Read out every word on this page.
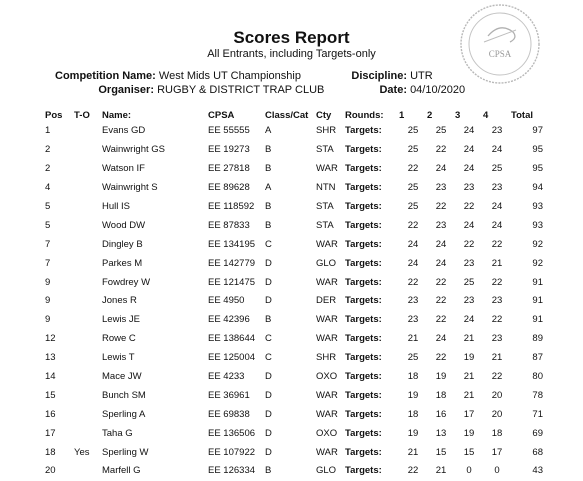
Scores Report
All Entrants, including Targets-only	CPSA
Competition Name: West Mids UT Championship
Organiser: RUGBY & DISTRICT TRAP CLUB
Discipline: UTR
Date: 04/10/2020
Pos	T-O	Name:	CPSA	Class/Cat	Cty	Rounds:	1	2	3	4	Total
1		Evans GD	EE 55555	A	SHR	Targets:	25	25	24	23	97
2		Wainwright GS	EE 19273	B	STA	Targets:	25	22	24	24	95
2		Watson IF	EE 27818	B	WAR	Targets:	22	24	24	25	95
4		Wainwright S	EE 89628	A	NTN	Targets:	25	23	23	23	94
5		Hull IS	EE 118592	B	STA	Targets:	25	22	22	24	93
5		Wood DW	EE 87833	B	STA	Targets:	22	23	24	24	93
7		Dingley B	EE 134195	C	WAR	Targets:	24	24	22	22	92
7		Parkes M	EE 142779	D	GLO	Targets:	24	24	23	21	92
9		Fowdrey W	EE 121475	D	WAR	Targets:	22	22	25	22	91
9		Jones R	EE 4950	D	DER	Targets:	23	22	23	23	91
9		Lewis JE	EE 42396	B	WAR	Targets:	23	22	24	22	91
12		Rowe C	EE 138644	C	WAR	Targets:	21	24	21	23	89
13		Lewis T	EE 125004	C	SHR	Targets:	25	22	19	21	87
14		Mace JW	EE 4233	D	OXO	Targets:	18	19	21	22	80
15		Bunch SM	EE 36961	D	WAR	Targets:	19	18	21	20	78
16		Sperling A	EE 69838	D	WAR	Targets:	18	16	17	20	71
17		Taha G	EE 136506	D	OXO	Targets:	19	13	19	18	69
18	Yes	Sperling W	EE 107922	D	WAR	Targets:	21	15	15	17	68
20		Marfell G	EE 126334	B	GLO	Targets:	22	21	0	0	43
